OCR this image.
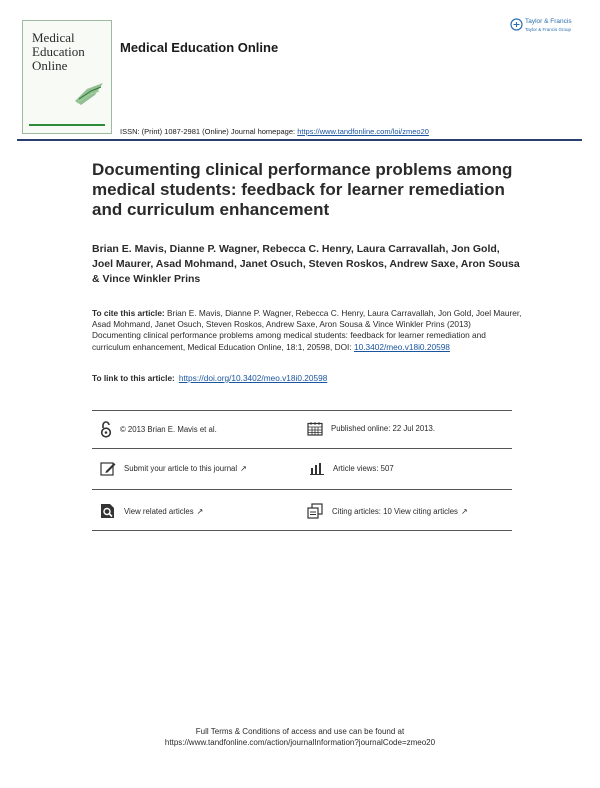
Medical
Education
Online
Medical Education Online
Taylor & Francis
Taylor & Francis Group
ISSN: (Print) 1087-2981 (Online) Journal homepage: https://www.tandfonline.com/loi/zmeo20
Documenting clinical performance problems among medical students: feedback for learner remediation and curriculum enhancement
Brian E. Mavis, Dianne P. Wagner, Rebecca C. Henry, Laura Carravallah, Jon Gold, Joel Maurer, Asad Mohmand, Janet Osuch, Steven Roskos, Andrew Saxe, Aron Sousa & Vince Winkler Prins
To cite this article: Brian E. Mavis, Dianne P. Wagner, Rebecca C. Henry, Laura Carravallah, Jon Gold, Joel Maurer, Asad Mohmand, Janet Osuch, Steven Roskos, Andrew Saxe, Aron Sousa & Vince Winkler Prins (2013) Documenting clinical performance problems among medical students: feedback for learner remediation and curriculum enhancement, Medical Education Online, 18:1, 20598, DOI: 10.3402/meo.v18i0.20598
To link to this article: https://doi.org/10.3402/meo.v18i0.20598
© 2013 Brian E. Mavis et al.	Published online: 22 Jul 2013.
Submit your article to this journal ↗	Article views: 507
View related articles ↗	Citing articles: 10 View citing articles ↗
Full Terms & Conditions of access and use can be found at
https://www.tandfonline.com/action/journalInformation?journalCode=zmeo20
